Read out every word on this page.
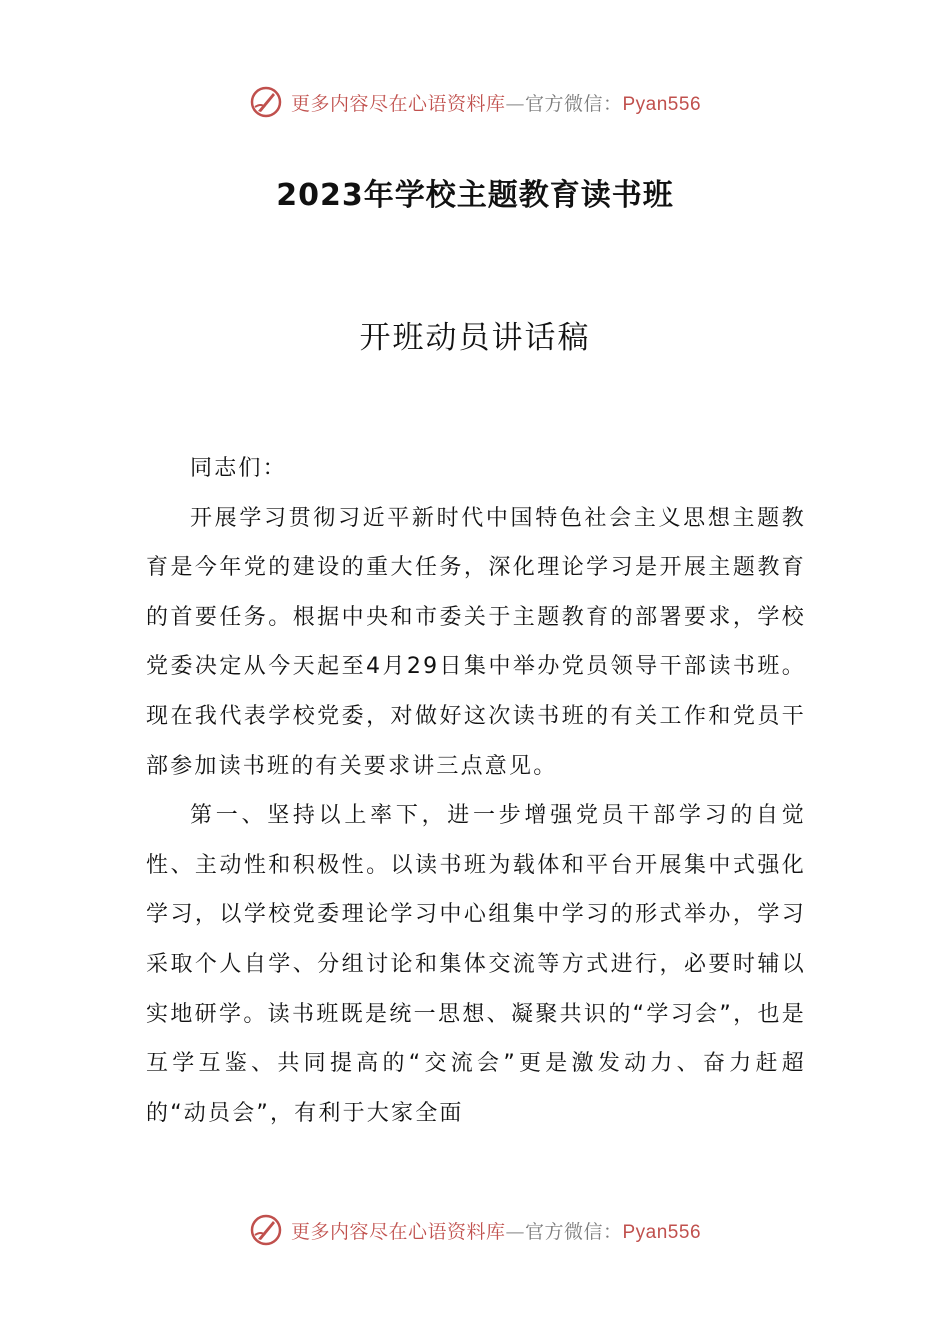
更多内容尽在心语资料库—官方微信：Pyan556
2023年学校主题教育读书班
开班动员讲话稿

同志们：

开展学习贯彻习近平新时代中国特色社会主义思想主题教育是今年党的建设的重大任务，深化理论学习是开展主题教育的首要任务。根据中央和市委关于主题教育的部署要求，学校党委决定从今天起至4月29日集中举办党员领导干部读书班。现在我代表学校党委，对做好这次读书班的有关工作和党员干部参加读书班的有关要求讲三点意见。

第一、坚持以上率下，进一步增强党员干部学习的自觉性、主动性和积极性。以读书班为载体和平台开展集中式强化学习，以学校党委理论学习中心组集中学习的形式举办，学习采取个人自学、分组讨论和集体交流等方式进行，必要时辅以实地研学。读书班既是统一思想、凝聚共识的“学习会”，也是互学互鉴、共同提高的“交流会”更是激发动力、奋力赶超的“动员会”，有利于大家全面

更多内容尽在心语资料库—官方微信：Pyan556
